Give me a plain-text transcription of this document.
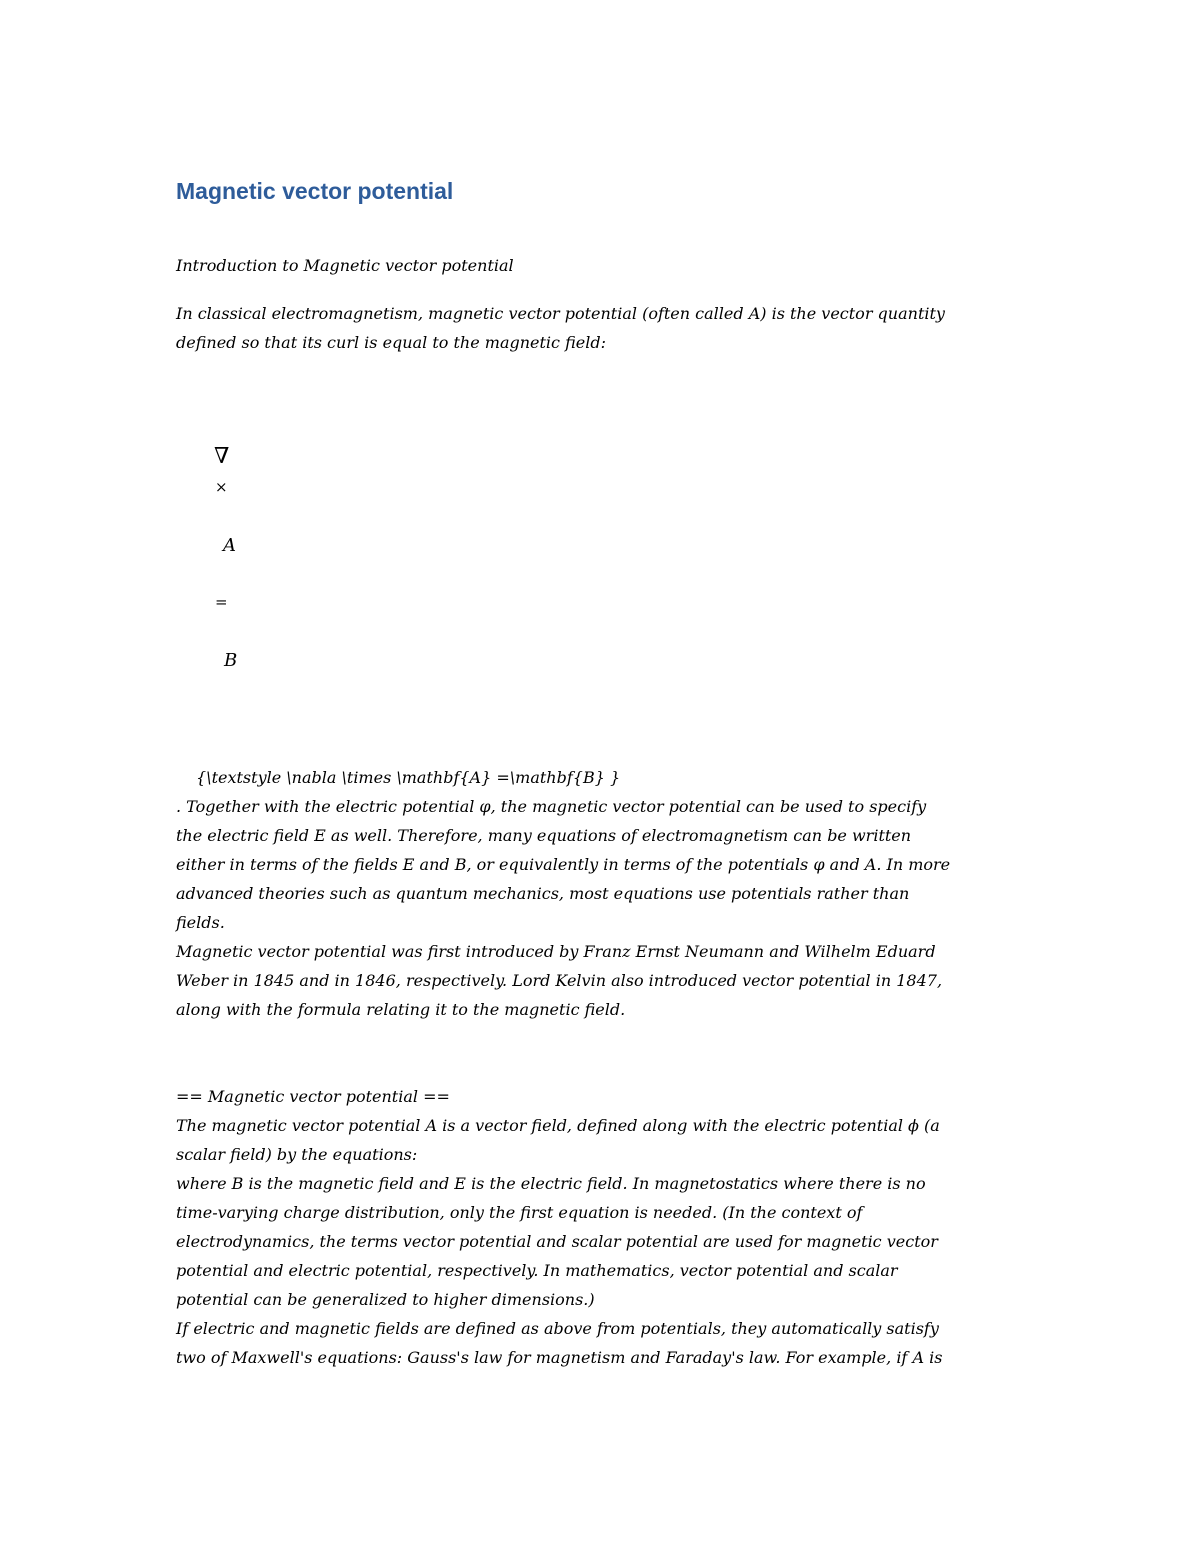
Magnetic vector potential
Introduction to Magnetic vector potential
In classical electromagnetism, magnetic vector potential (often called A) is the vector quantity
defined so that its curl is equal to the magnetic field:
∇
×
A
=
B
{\textstyle \nabla \times \mathbf{A} =\mathbf{B} }
. Together with the electric potential φ, the magnetic vector potential can be used to specify
the electric field E as well. Therefore, many equations of electromagnetism can be written
either in terms of the fields E and B, or equivalently in terms of the potentials φ and A. In more
advanced theories such as quantum mechanics, most equations use potentials rather than
fields.
Magnetic vector potential was first introduced by Franz Ernst Neumann and Wilhelm Eduard
Weber in 1845 and in 1846, respectively. Lord Kelvin also introduced vector potential in 1847,
along with the formula relating it to the magnetic field.
== Magnetic vector potential ==
The magnetic vector potential A is a vector field, defined along with the electric potential ϕ (a
scalar field) by the equations:
where B is the magnetic field and E is the electric field. In magnetostatics where there is no
time-varying charge distribution, only the first equation is needed. (In the context of
electrodynamics, the terms vector potential and scalar potential are used for magnetic vector
potential and electric potential, respectively. In mathematics, vector potential and scalar
potential can be generalized to higher dimensions.)
If electric and magnetic fields are defined as above from potentials, they automatically satisfy
two of Maxwell's equations: Gauss's law for magnetism and Faraday's law. For example, if A is
